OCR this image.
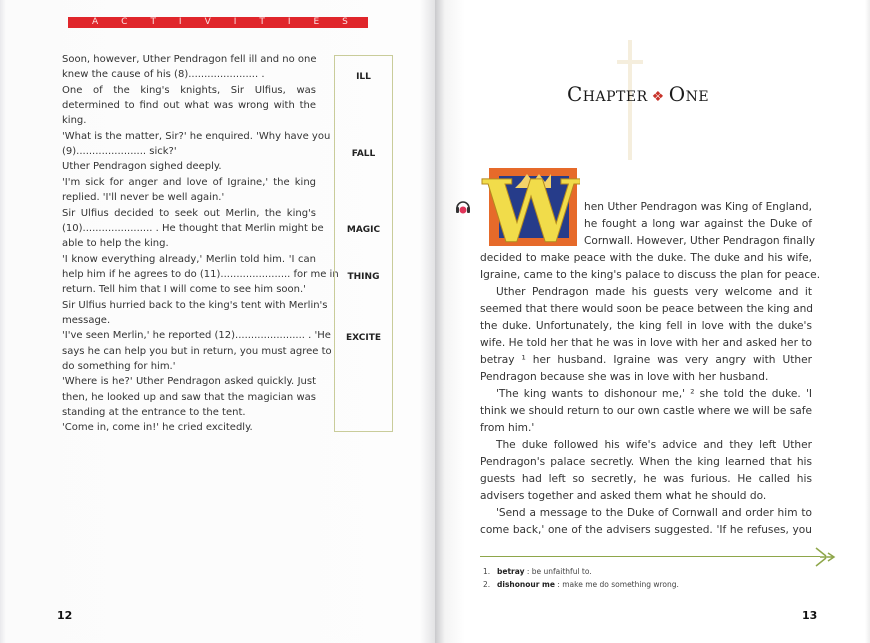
A	C	T	I	V	I	T	I	E	S
Soon, however, Uther Pendragon fell ill and no one
knew the cause of his (8)...................... .
One of the king's knights, Sir Ulfius, was
determined to find out what was wrong with the
king.
'What is the matter, Sir?' he enquired. 'Why have you
(9)...................... sick?'
Uther Pendragon sighed deeply.
'I'm sick for anger and love of Igraine,' the king
replied. 'I'll never be well again.'
Sir Ulfius decided to seek out Merlin, the king's
(10)...................... . He thought that Merlin might be
able to help the king.
'I know everything already,' Merlin told him. 'I can
help him if he agrees to do (11)...................... for me in
return. Tell him that I will come to see him soon.'
Sir Ulfius hurried back to the king's tent with Merlin's
message.
'I've seen Merlin,' he reported (12)...................... . 'He
says he can help you but in return, you must agree to
do something for him.'
'Where is he?' Uther Pendragon asked quickly. Just
then, he looked up and saw that the magician was
standing at the entrance to the tent.
'Come in, come in!' he cried excitedly.
ILL
FALL
MAGIC
THING
EXCITE
12
Chapter ❖ One
W hen Uther Pendragon was King of England,
he fought a long war against the Duke of
Cornwall. However, Uther Pendragon finally
decided to make peace with the duke. The duke and his wife,
Igraine, came to the king's palace to discuss the plan for peace.
Uther Pendragon made his guests very welcome and it
seemed that there would soon be peace between the king and
the duke. Unfortunately, the king fell in love with the duke's
wife. He told her that he was in love with her and asked her to
betray ¹ her husband. Igraine was very angry with Uther
Pendragon because she was in love with her husband.
'The king wants to dishonour me,' ² she told the duke. 'I
think we should return to our own castle where we will be safe
from him.'
The duke followed his wife's advice and they left Uther
Pendragon's palace secretly. When the king learned that his
guests had left so secretly, he was furious. He called his
advisers together and asked them what he should do.
'Send a message to the Duke of Cornwall and order him to
come back,' one of the advisers suggested. 'If he refuses, you
1. betray : be unfaithful to.
2. dishonour me : make me do something wrong.
13
